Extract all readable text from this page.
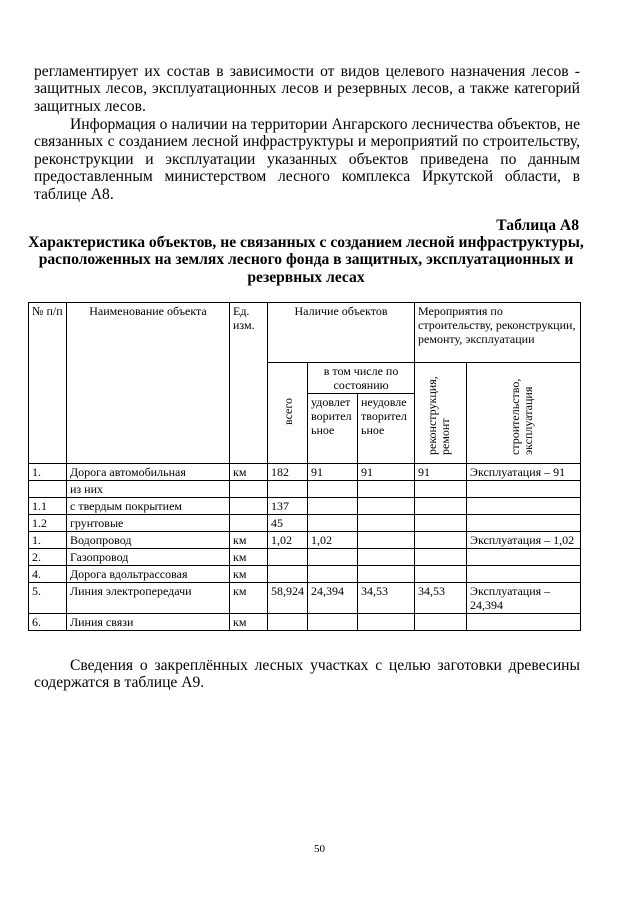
регламентирует их состав в зависимости от видов целевого назначения лесов - защитных лесов, эксплуатационных лесов и резервных лесов, а также категорий защитных лесов.

Информация о наличии на территории Ангарского лесничества объектов, не связанных с созданием лесной инфраструктуры и мероприятий по строительству, реконструкции и эксплуатации указанных объектов приведена по данным предоставленным министерством лесного комплекса Иркутской области, в таблице А8.

Таблица А8
Характеристика объектов, не связанных с созданием лесной инфраструктуры, расположенных на землях лесного фонда в защитных, эксплуатационных и резервных лесах
№ п/п	Наименование объекта	Ед. изм.	Наличие объектов			Мероприятия по строительству, реконструкции, ремонту, эксплуатации	
			всего	в том числе по состоянию		реконструкция, ремонт	строительство, эксплуатация
				удовлетворительное	неудовлетворительное		
1.	Дорога автомобильная	км	182	91	91	91	Эксплуатация – 91
	из них						
1.1	с твердым покрытием		137				
1.2	грунтовые		45				
1.	Водопровод	км	1,02	1,02			Эксплуатация – 1,02
2.	Газопровод	км					
4.	Дорога вдольтрассовая	км					
5.	Линия электропередачи	км	58,924	24,394	34,53	34,53	Эксплуатация – 24,394
6.	Линия связи	км					

Сведения о закреплённых лесных участках с целью заготовки древесины содержатся в таблице А9.

50
